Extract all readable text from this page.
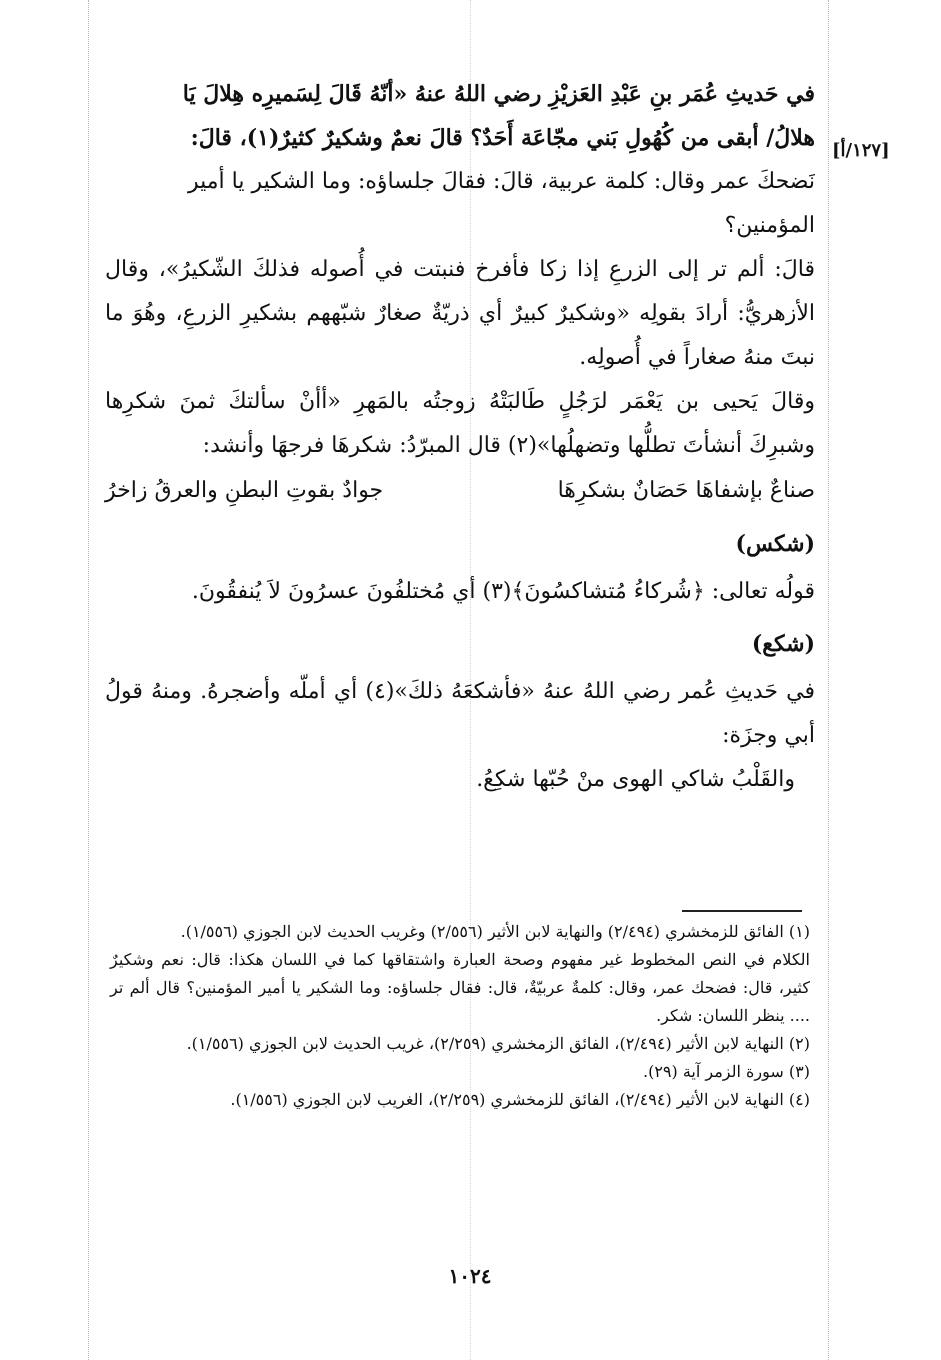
[١٢٧/أ]

في حَديثِ عُمَر بنِ عَبْدِ العَزيْزِ رضي اللهُ عنهُ «أنّهُ قَالَ لِسَميرِه هِلالَ يَا

هلالُ/ أبقى من كُهُولِ بَني مجّاعَة أَحَدٌ؟ قالَ نعمٌ وشكيرٌ كثيرٌ(١)، قالَ:

نَضحكَ عمر وقال: كلمة عربية، قالَ: فقالَ جلساؤه: وما الشكير يا أمير

المؤمنين؟

قالَ: ألم تر إلى الزرعِ إذا زكا فأفرخ فنبتت في أُصوله فذلكَ الشّكيرُ»، وقال الأزهريُّ: أرادَ بقولِه «وشكيرٌ كبيرٌ أي ذريّةٌ صغارٌ شبّههم بشكيرِ الزرعِ، وهُوَ ما نبتَ منهُ صغاراً في أُصولِه.

وقالَ يَحيى بن يَعْمَر لرَجُلٍ طَالبَتْهُ زوجتُه بالمَهرِ «أأنْ سألتكَ ثمنَ شكرِها وشبرِكَ أنشأتَ تطلُّها وتضهلُها»(٢) قال المبرّدُ: شكرهَا فرجهَا وأنشد:

صناعٌ بإشفاهَا حَصَانٌ بشكرِهَا
جوادٌ بقوتِ البطنِ والعرقُ زاخرُ

(شكس)

قولُه تعالى: ﴿شُركاءُ مُتشاكسُونَ﴾(٣) أي مُختلفُونَ عسرُونَ لاَ يُنفقُونَ.

(شكع)

في حَديثِ عُمر رضي اللهُ عنهُ «فأشكعَهُ ذلكَ»(٤) أي أملّه وأضجرهُ. ومنهُ قولُ أبي وجزَة:

والقَلْبُ شاكي الهوى منْ حُبّها شكِعُ.

(١) الفائق للزمخشري (٢/٤٩٤) والنهاية لابن الأثير (٢/٥٥٦) وغريب الحديث لابن الجوزي (١/٥٥٦).

الكلام في النص المخطوط غير مفهوم وصحة العبارة واشتقاقها كما في اللسان هكذا: قال: نعم وشكيرٌ كثير، قال: فضحك عمر، وقال: كلمةٌ عربيّةٌ، قال: فقال جلساؤه: وما الشكير يا أمير المؤمنين؟ قال ألم تر .... ينظر اللسان: شكر.

(٢) النهاية لابن الأثير (٢/٤٩٤)، الفائق الزمخشري (٢/٢٥٩)، غريب الحديث لابن الجوزي (١/٥٥٦).

(٣) سورة الزمر آية (٢٩).

(٤) النهاية لابن الأثير (٢/٤٩٤)، الفائق للزمخشري (٢/٢٥٩)، الغريب لابن الجوزي (١/٥٥٦).

١٠٢٤
